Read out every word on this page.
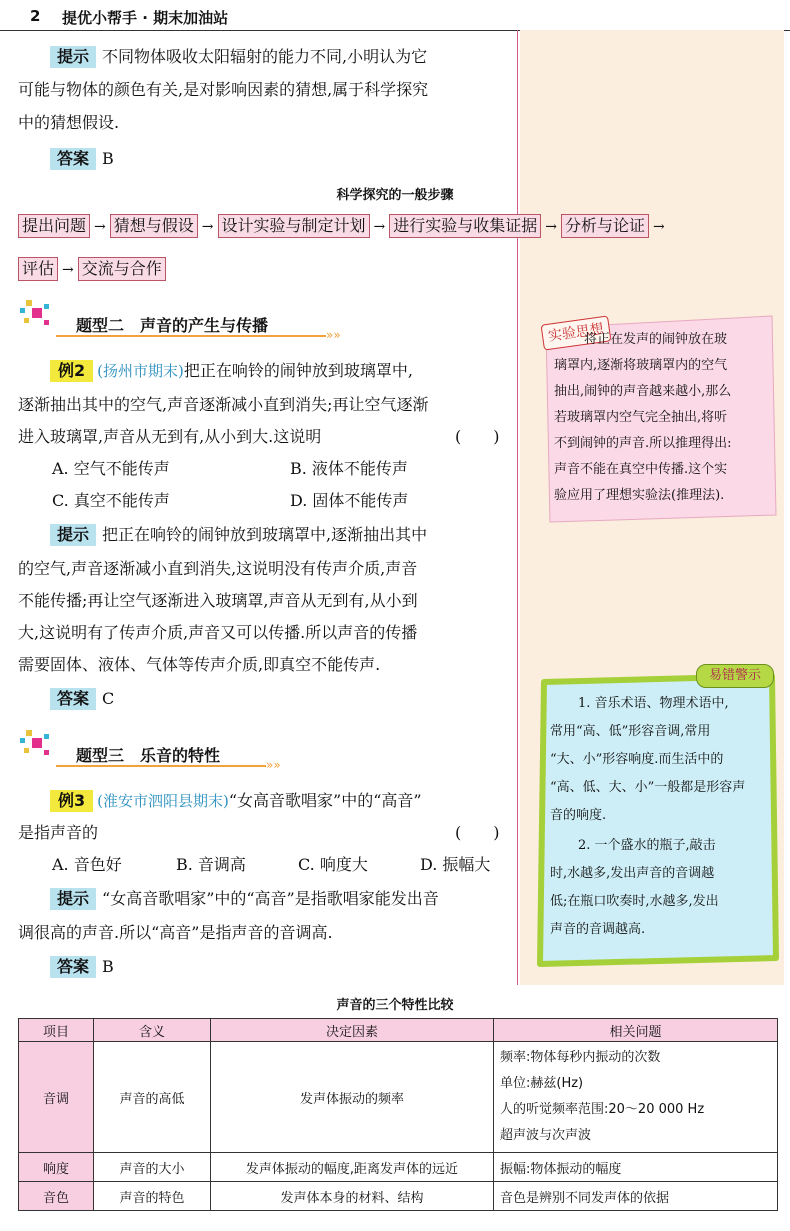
2 提优小帮手 · 期末加油站
提示 不同物体吸收太阳辐射的能力不同,小明认为它
可能与物体的颜色有关,是对影响因素的猜想,属于科学探究
中的猜想假设.
答案 B
科学探究的一般步骤
提出问题 → 猜想与假设 → 设计实验与制定计划 → 进行实验与收集证据 → 分析与论证 →
评估 → 交流与合作
题型二　声音的产生与传播	»»
例2 (扬州市期末)把正在响铃的闹钟放到玻璃罩中,
逐渐抽出其中的空气,声音逐渐减小直到消失;再让空气逐渐
进入玻璃罩,声音从无到有,从小到大.这说明	(　　)
A. 空气不能传声	B. 液体不能传声
C. 真空不能传声	D. 固体不能传声
提示 把正在响铃的闹钟放到玻璃罩中,逐渐抽出其中
的空气,声音逐渐减小直到消失,这说明没有传声介质,声音
不能传播;再让空气逐渐进入玻璃罩,声音从无到有,从小到
大,这说明有了传声介质,声音又可以传播.所以声音的传播
需要固体、液体、气体等传声介质,即真空不能传声.
答案 C
题型三　乐音的特性	»»
例3 (淮安市泗阳县期末)“女高音歌唱家”中的“高音”
是指声音的	(　　)
A. 音色好	B. 音调高	C. 响度大	D. 振幅大
提示 “女高音歌唱家”中的“高音”是指歌唱家能发出音
调很高的声音.所以“高音”是指声音的音调高.
答案 B
实验思想
将正在发声的闹钟放在玻
璃罩内,逐渐将玻璃罩内的空气
抽出,闹钟的声音越来越小,那么
若玻璃罩内空气完全抽出,将听
不到闹钟的声音.所以推理得出:
声音不能在真空中传播.这个实
验应用了理想实验法(推理法).
易错警示
1. 音乐术语、物理术语中,
常用“高、低”形容音调,常用
“大、小”形容响度.而生活中的
“高、低、大、小”一般都是形容声
音的响度.
2. 一个盛水的瓶子,敲击
时,水越多,发出声音的音调越
低;在瓶口吹奏时,水越多,发出
声音的音调越高.
声音的三个特性比较
项目	含义	决定因素	相关问题
音调	声音的高低	发声体振动的频率	频率:物体每秒内振动的次数
单位:赫兹(Hz)
人的听觉频率范围:20～20 000 Hz
超声波与次声波

响度	声音的大小	发声体振动的幅度,距离发声体的远近	振幅:物体振动的幅度
音色	声音的特色	发声体本身的材料、结构	音色是辨别不同发声体的依据
